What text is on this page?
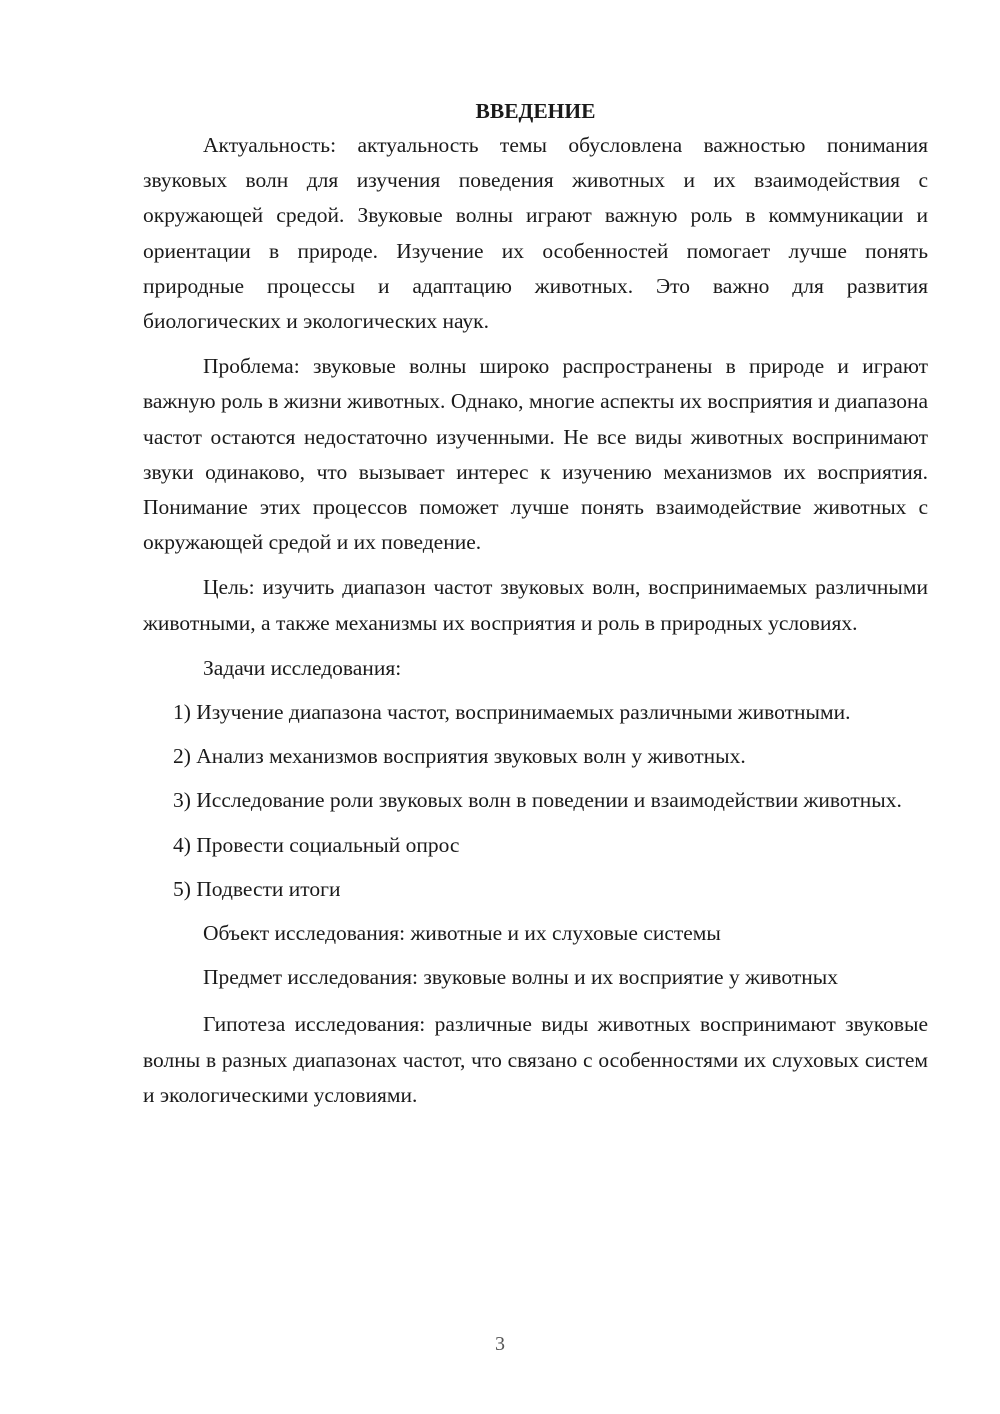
ВВЕДЕНИЕ

Актуальность: актуальность темы обусловлена важностью понимания звуковых волн для изучения поведения животных и их взаимодействия с окружающей средой. Звуковые волны играют важную роль в коммуникации и ориентации в природе. Изучение их особенностей помогает лучше понять природные процессы и адаптацию животных. Это важно для развития биологических и экологических наук.

Проблема: звуковые волны широко распространены в природе и играют важную роль в жизни животных. Однако, многие аспекты их восприятия и диапазона частот остаются недостаточно изученными. Не все виды животных воспринимают звуки одинаково, что вызывает интерес к изучению механизмов их восприятия. Понимание этих процессов поможет лучше понять взаимодействие животных с окружающей средой и их поведение.

Цель: изучить диапазон частот звуковых волн, воспринимаемых различными животными, а также механизмы их восприятия и роль в природных условиях.

Задачи исследования:

1) Изучение диапазона частот, воспринимаемых различными животными.

2) Анализ механизмов восприятия звуковых волн у животных.

3) Исследование роли звуковых волн в поведении и взаимодействии животных.

4) Провести социальный опрос

5) Подвести итоги

Объект исследования: животные и их слуховые системы

Предмет исследования: звуковые волны и их восприятие у животных

Гипотеза исследования: различные виды животных воспринимают звуковые волны в разных диапазонах частот, что связано с особенностями их слуховых систем и экологическими условиями.

3
